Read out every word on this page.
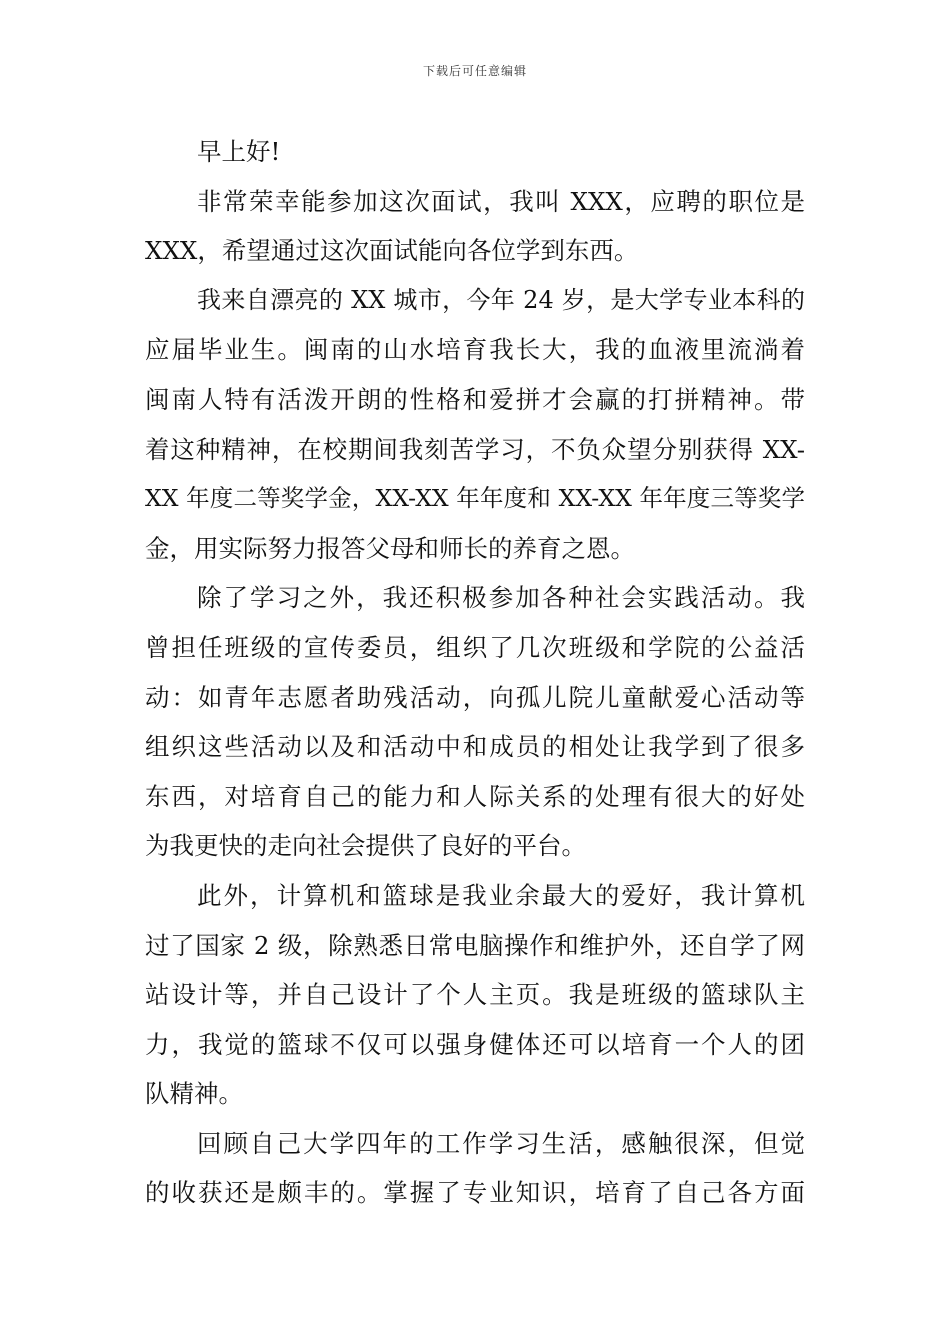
下载后可任意编辑
早上好!
非常荣幸能参加这次面试，我叫 XXX，应聘的职位是
XXX，希望通过这次面试能向各位学到东西。
我来自漂亮的 XX 城市，今年 24 岁，是大学专业本科的
应届毕业生。闽南的山水培育我长大，我的血液里流淌着
闽南人特有活泼开朗的性格和爱拼才会赢的打拼精神。带
着这种精神，在校期间我刻苦学习，不负众望分别获得 XX-
XX 年度二等奖学金，XX-XX 年年度和 XX-XX 年年度三等奖学
金，用实际努力报答父母和师长的养育之恩。
除了学习之外，我还积极参加各种社会实践活动。我
曾担任班级的宣传委员，组织了几次班级和学院的公益活
动：如青年志愿者助残活动，向孤儿院儿童献爱心活动等
组织这些活动以及和活动中和成员的相处让我学到了很多
东西，对培育自己的能力和人际关系的处理有很大的好处
为我更快的走向社会提供了良好的平台。
此外，计算机和篮球是我业余最大的爱好，我计算机
过了国家 2 级，除熟悉日常电脑操作和维护外，还自学了网
站设计等，并自己设计了个人主页。我是班级的篮球队主
力，我觉的篮球不仅可以强身健体还可以培育一个人的团
队精神。
回顾自己大学四年的工作学习生活，感触很深，但觉
的收获还是颇丰的。掌握了专业知识，培育了自己各方面
